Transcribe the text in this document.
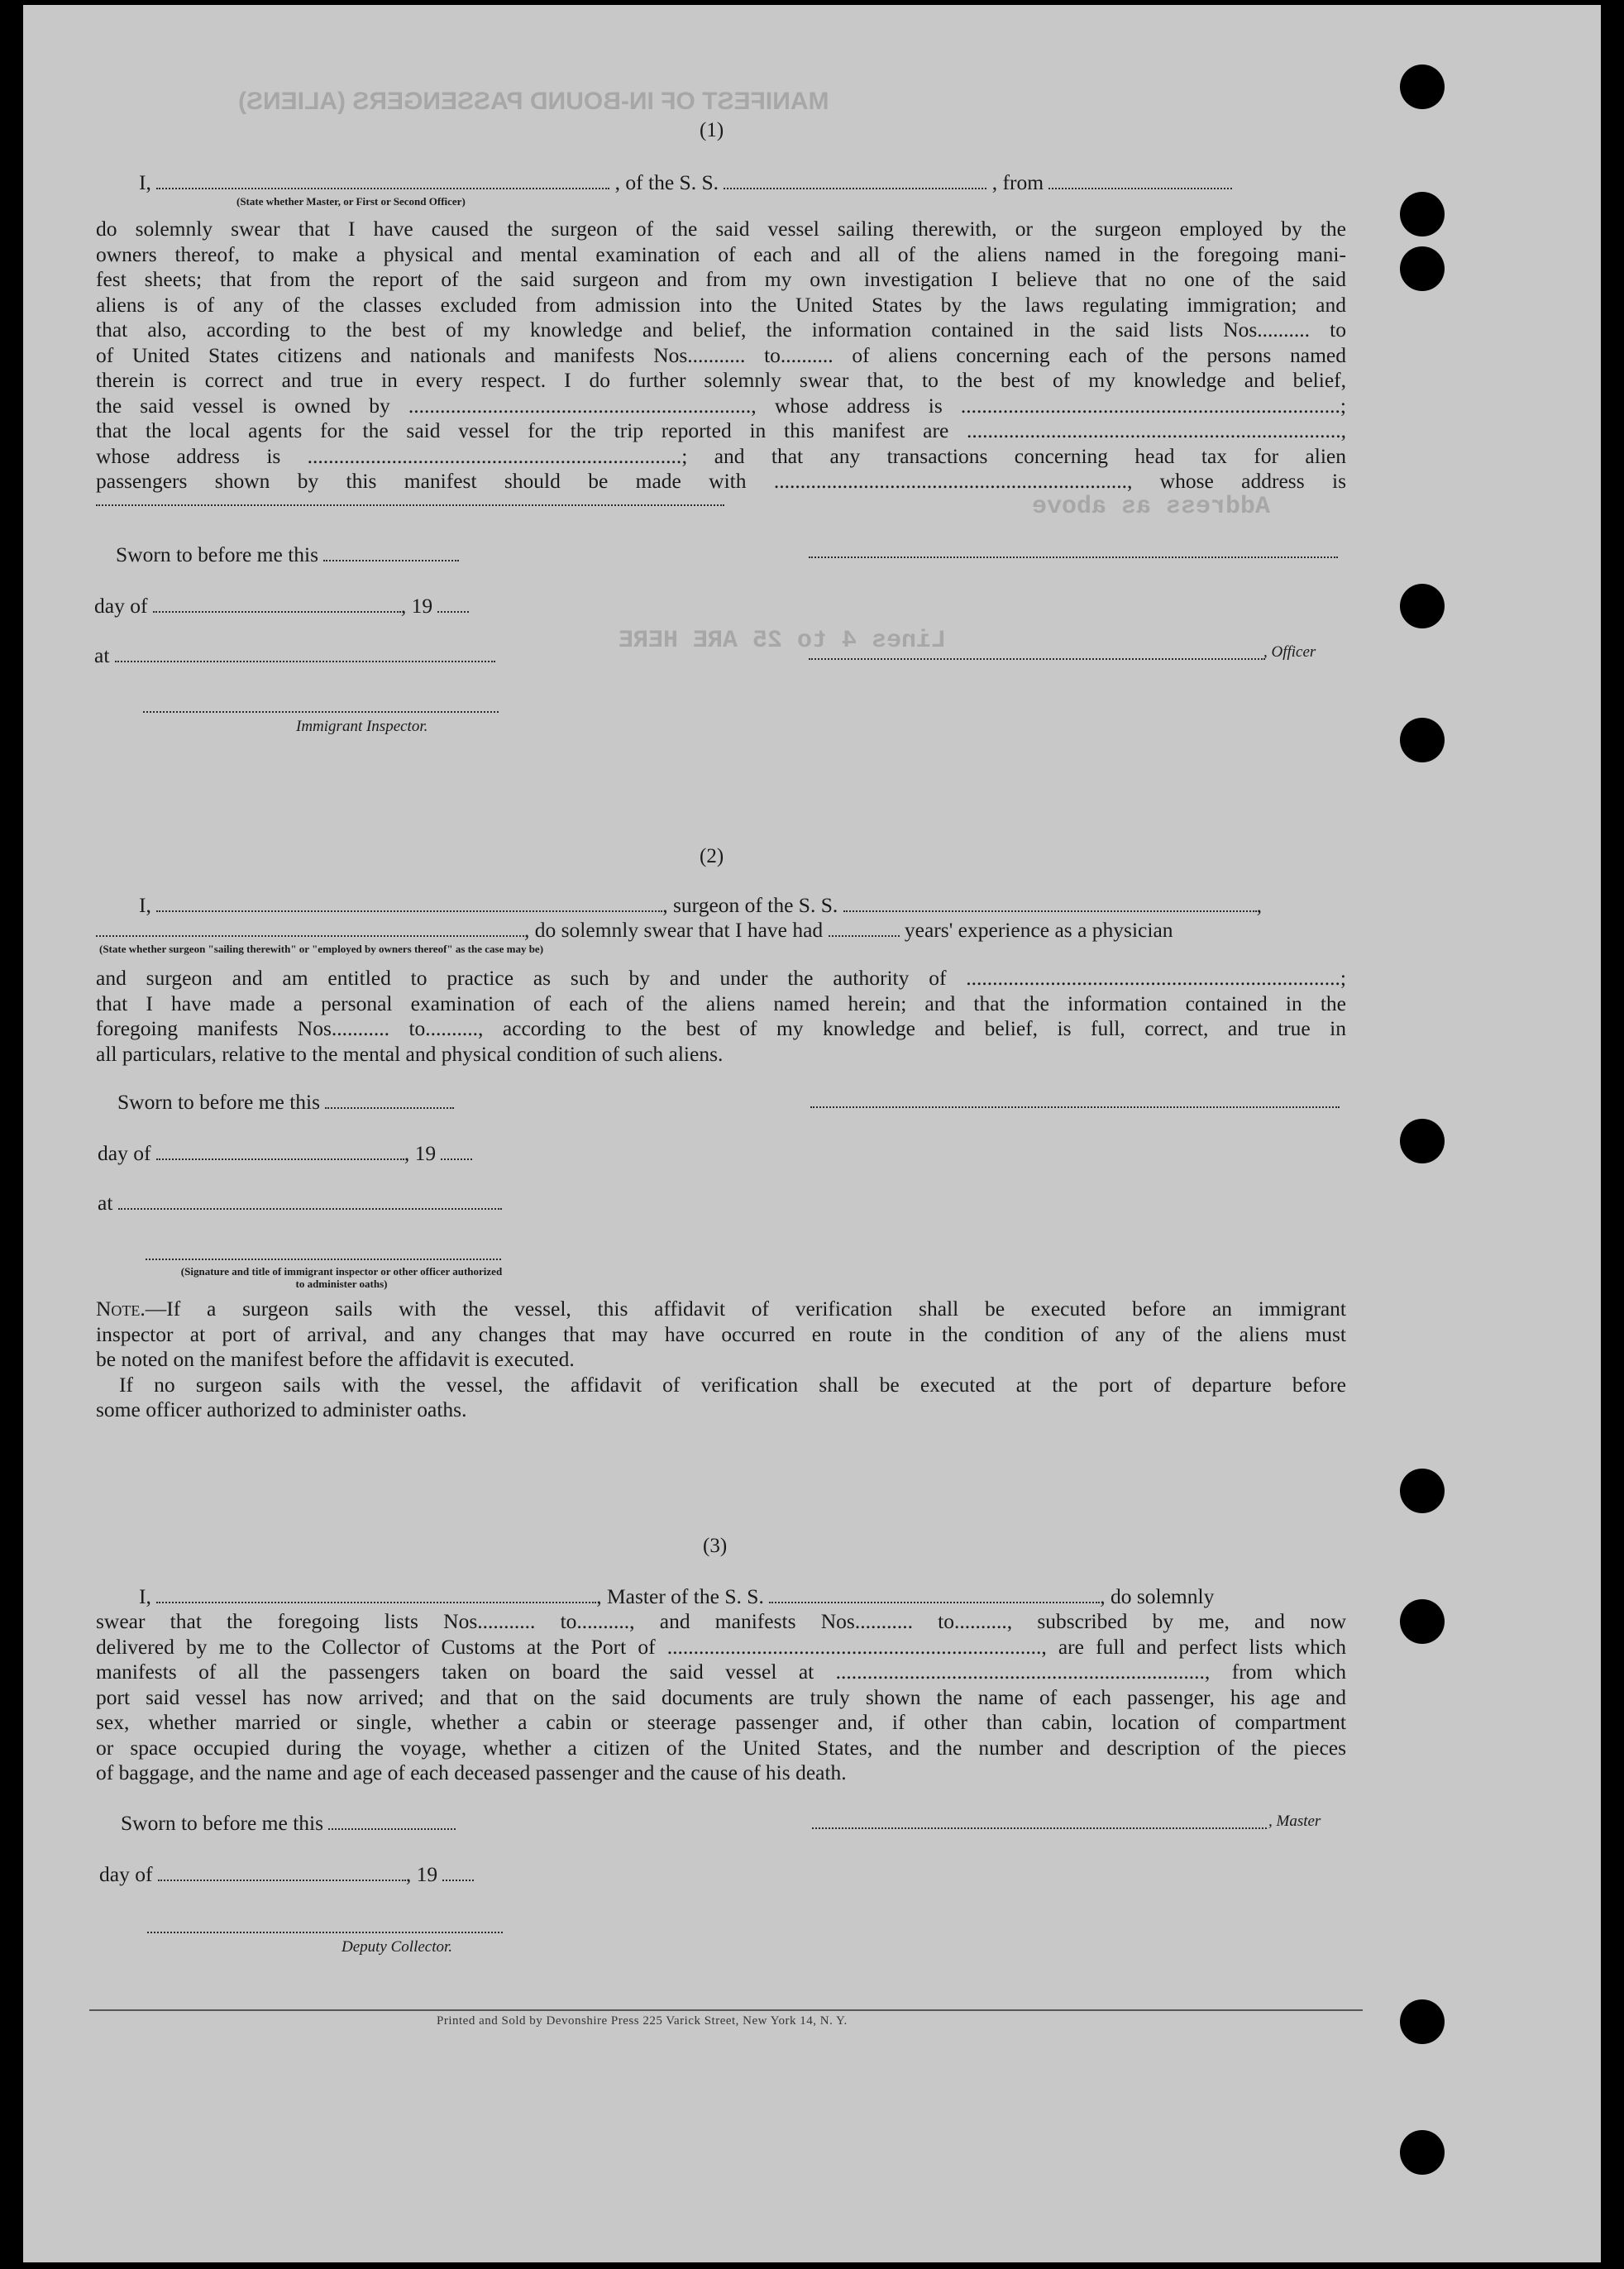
MANIFEST OF IN-BOUND PASSENGERS (ALIENS)
Address as above
Lines 4 to 25 ARE HERE
(1)
I,	, of the S. S.	, from
(State whether Master, or First or Second Officer)
do solemnly swear that I have caused the surgeon of the said vessel sailing therewith, or the surgeon employed by the
owners thereof, to make a physical and mental examination of each and all of the aliens named in the foregoing mani-
fest sheets; that from the report of the said surgeon and from my own investigation I believe that no one of the said
aliens is of any of the classes excluded from admission into the United States by the laws regulating immigration; and
that also, according to the best of my knowledge and belief, the information contained in the said lists Nos.......... to
of United States citizens and nationals and manifests Nos........... to.......... of aliens concerning each of the persons named
therein is correct and true in every respect. I do further solemnly swear that, to the best of my knowledge and belief,
the said vessel is owned by ................................................................., whose address is ........................................................................;
that the local agents for the said vessel for the trip reported in this manifest are .......................................................................,
whose address is .......................................................................; and that any transactions concerning head tax for alien
passengers shown by this manifest should be made with ..................................................................., whose address is
Sworn to before me this
day of	, 19
at	, Officer
Immigrant Inspector.
(2)
I,	, surgeon of the S. S.	,
, do solemnly swear that I have had	years' experience as a physician
(State whether surgeon "sailing therewith" or "employed by owners thereof" as the case may be)
and surgeon and am entitled to practice as such by and under the authority of .......................................................................;
that I have made a personal examination of each of the aliens named herein; and that the information contained in the
foregoing manifests Nos........... to.........., according to the best of my knowledge and belief, is full, correct, and true in
all particulars, relative to the mental and physical condition of such aliens.
Sworn to before me this
day of	, 19
at
(Signature and title of immigrant inspector or other officer authorized to administer oaths)
Note.—If a surgeon sails with the vessel, this affidavit of verification shall be executed before an immigrant
inspector at port of arrival, and any changes that may have occurred en route in the condition of any of the aliens must
be noted on the manifest before the affidavit is executed.
If no surgeon sails with the vessel, the affidavit of verification shall be executed at the port of departure before
some officer authorized to administer oaths.
(3)
I,	, Master of the S. S.	, do solemnly
swear that the foregoing lists Nos........... to.........., and manifests Nos........... to.........., subscribed by me, and now
delivered by me to the Collector of Customs at the Port of ......................................................................., are full and perfect lists which
manifests of all the passengers taken on board the said vessel at ......................................................................, from which
port said vessel has now arrived; and that on the said documents are truly shown the name of each passenger, his age and
sex, whether married or single, whether a cabin or steerage passenger and, if other than cabin, location of compartment
or space occupied during the voyage, whether a citizen of the United States, and the number and description of the pieces
of baggage, and the name and age of each deceased passenger and the cause of his death.
Sworn to before me this	, Master
day of	, 19
Deputy Collector.
Printed and Sold by Devonshire Press 225 Varick Street, New York 14, N. Y.
